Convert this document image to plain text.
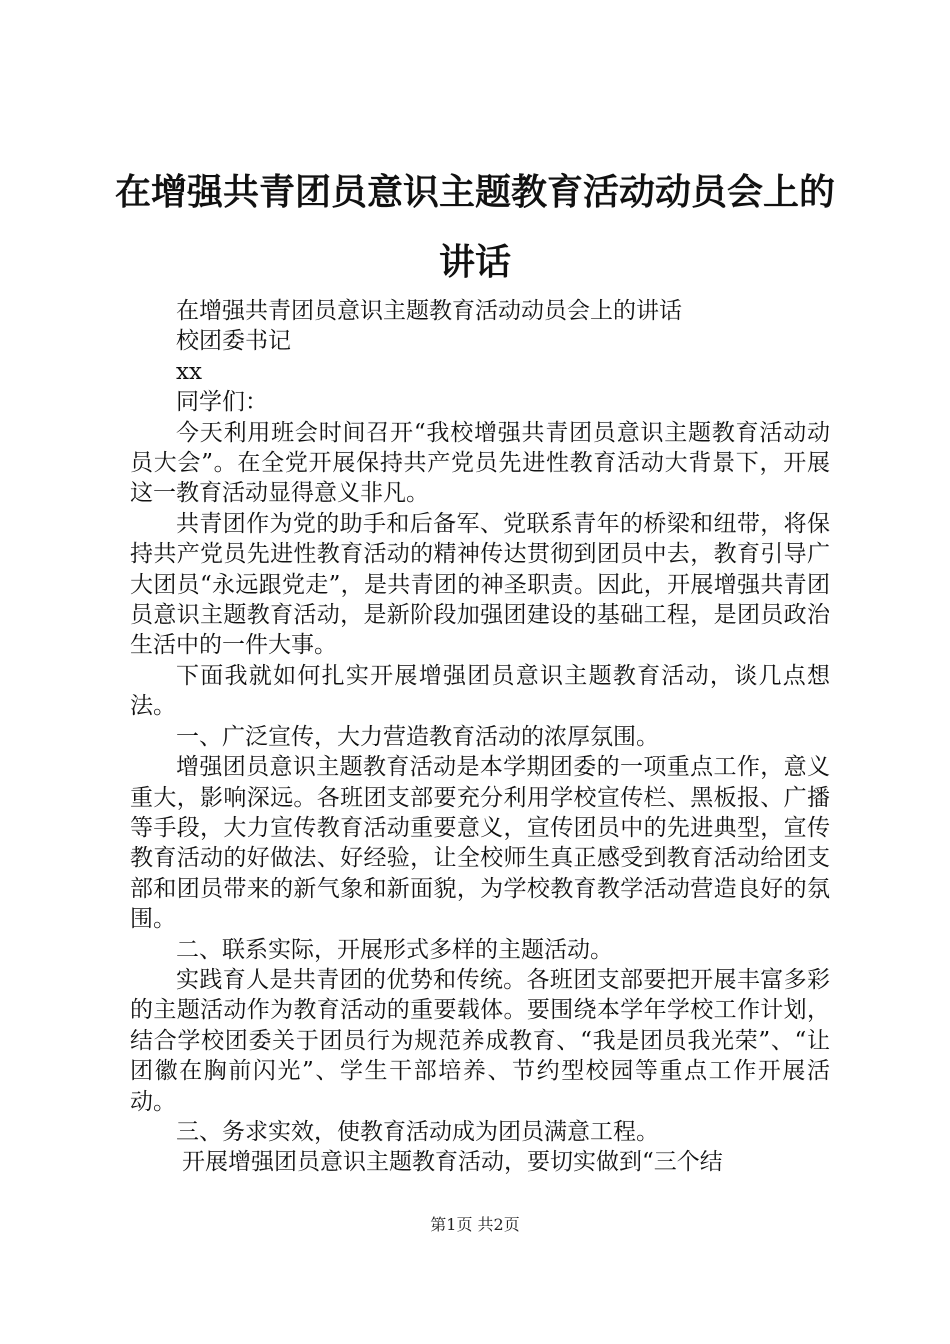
在增强共青团员意识主题教育活动动员会上的讲话

在增强共青团员意识主题教育活动动员会上的讲话

校团委书记

xx

同学们：

今天利用班会时间召开“我校增强共青团员意识主题教育活动动员大会”。在全党开展保持共产党员先进性教育活动大背景下，开展这一教育活动显得意义非凡。

共青团作为党的助手和后备军、党联系青年的桥梁和纽带，将保持共产党员先进性教育活动的精神传达贯彻到团员中去，教育引导广大团员“永远跟党走”，是共青团的神圣职责。因此，开展增强共青团员意识主题教育活动，是新阶段加强团建设的基础工程，是团员政治生活中的一件大事。

下面我就如何扎实开展增强团员意识主题教育活动，谈几点想法。

一、广泛宣传，大力营造教育活动的浓厚氛围。

增强团员意识主题教育活动是本学期团委的一项重点工作，意义重大，影响深远。各班团支部要充分利用学校宣传栏、黑板报、广播等手段，大力宣传教育活动重要意义，宣传团员中的先进典型，宣传教育活动的好做法、好经验，让全校师生真正感受到教育活动给团支部和团员带来的新气象和新面貌，为学校教育教学活动营造良好的氛围。

二、联系实际，开展形式多样的主题活动。

实践育人是共青团的优势和传统。各班团支部要把开展丰富多彩的主题活动作为教育活动的重要载体。要围绕本学年学校工作计划，结合学校团委关于团员行为规范养成教育、“我是团员我光荣”、“让团徽在胸前闪光”、学生干部培养、节约型校园等重点工作开展活动。

三、务求实效，使教育活动成为团员满意工程。

开展增强团员意识主题教育活动，要切实做到“三个结

第1页 共2页
